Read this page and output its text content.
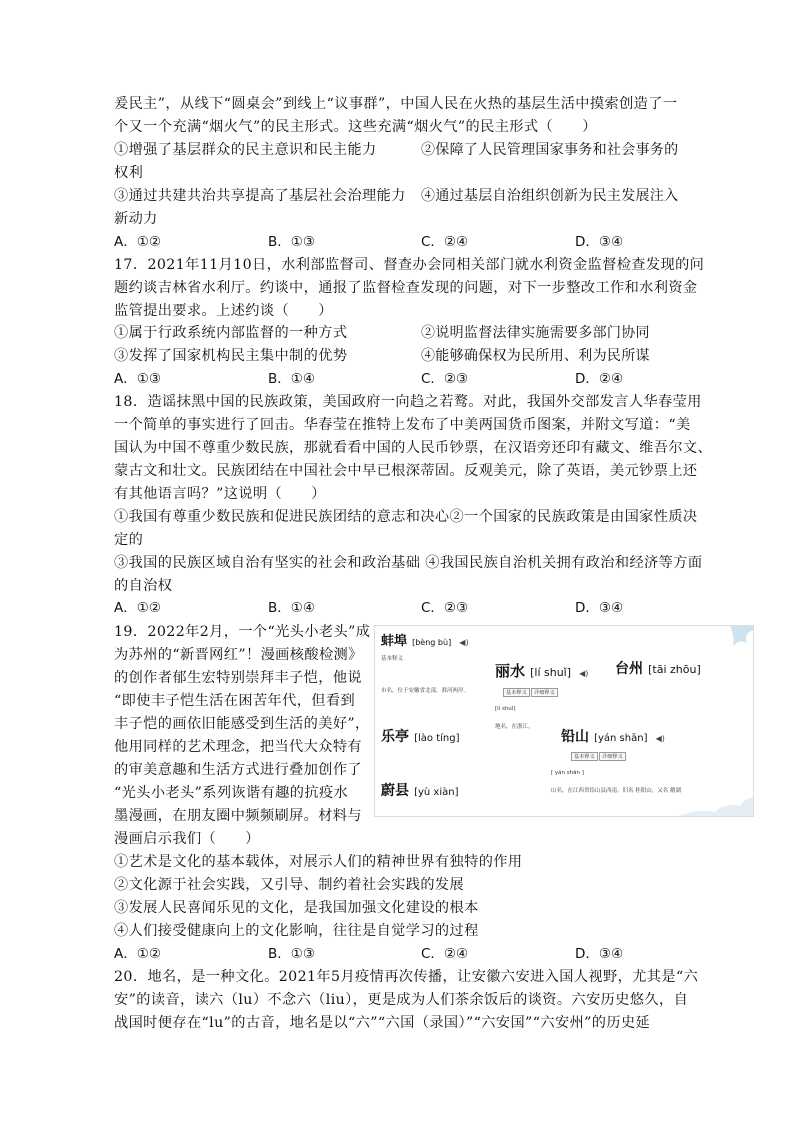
爰民主”，从线下“圆桌会”到线上“议事群”，中国人民在火热的基层生活中摸索创造了一
个又一个充满“烟火气”的民主形式。这些充满“烟火气”的民主形式（　　）
①增强了基层群众的民主意识和民主能力	②保障了人民管理国家事务和社会事务的
权利
③通过共建共治共享提高了基层社会治理能力 ④通过基层自治组织创新为民主发展注入
新动力
A．①②	B．①③	C．②④	D．③④
17．2021年11月10日，水利部监督司、督查办会同相关部门就水利资金监督检查发现的问
题约谈吉林省水利厅。约谈中，通报了监督检查发现的问题，对下一步整改工作和水利资金
监管提出要求。上述约谈（　　）
①属于行政系统内部监督的一种方式	②说明监督法律实施需要多部门协同
③发挥了国家机构民主集中制的优势	④能够确保权为民所用、利为民所谋
A．①③	B．①④	C．②③	D．②④
18．造谣抹黑中国的民族政策，美国政府一向趋之若鹜。对此，我国外交部发言人华春莹用
一个简单的事实进行了回击。华春莹在推特上发布了中美两国货币图案，并附文写道：“美
国认为中国不尊重少数民族，那就看看中国的人民币钞票，在汉语旁还印有藏文、维吾尔文、
蒙古文和壮文。民族团结在中国社会中早已根深蒂固。反观美元，除了英语，美元钞票上还
有其他语言吗？”这说明（　　）
①我国有尊重少数民族和促进民族团结的意志和决心②一个国家的民族政策是由国家性质决
定的
③我国的民族区域自治有坚实的社会和政治基础 ④我国民族自治机关拥有政治和经济等方面
的自治权
A．①②	B．①④	C．②③	D．③④
19．2022年2月，一个“光头小老头”成
为苏州的“新晋网红”！漫画核酸检测》
的创作者郁生宏特别崇拜丰子恺，他说
“即使丰子恺生活在困苦年代，但看到
丰子恺的画依旧能感受到生活的美好”，
他用同样的艺术理念，把当代大众特有
的审美意趣和生活方式进行叠加创作了
“光头小老头”系列诙谐有趣的抗疫水
墨漫画，在朋友圈中频频刷屏。材料与
漫画启示我们（　　）
①艺术是文化的基本载体，对展示人们的精神世界有独特的作用
②文化源于社会实践，又引导、制约着社会实践的发展
③发展人民喜闻乐见的文化，是我国加强文化建设的根本
④人们接受健康向上的文化影响，往往是自觉学习的过程
A．①②	B．①③	C．②④	D．③④
20．地名，是一种文化。2021年5月疫情再次传播，让安徽六安进入国人视野，尤其是“六
安”的读音，读六（lu）不念六（liu），更是成为人们茶余饭后的谈资。六安历史悠久，自
战国时便存在“lu”的古音，地名是以“六”“六国（录国）”“六安国”“六安州”的历史延
蚌埠 [bèng bù] ◀)
基本释义
市名，位于安徽省北部，淮河两岸。
丽水 [lí shuǐ] ◀)
基本释义	详细释义
[lí shuǐ]
地名，在浙江。
台州 [tāi zhōu]
乐亭 [lào tíng]	铅山 [yán shān] ◀)
基本释义	详细释义
[ yán shān ]
山名，在江西省铅山县西南。旧名 桂阳山，又名 鹅湖
蔚县 [yù xiàn]
